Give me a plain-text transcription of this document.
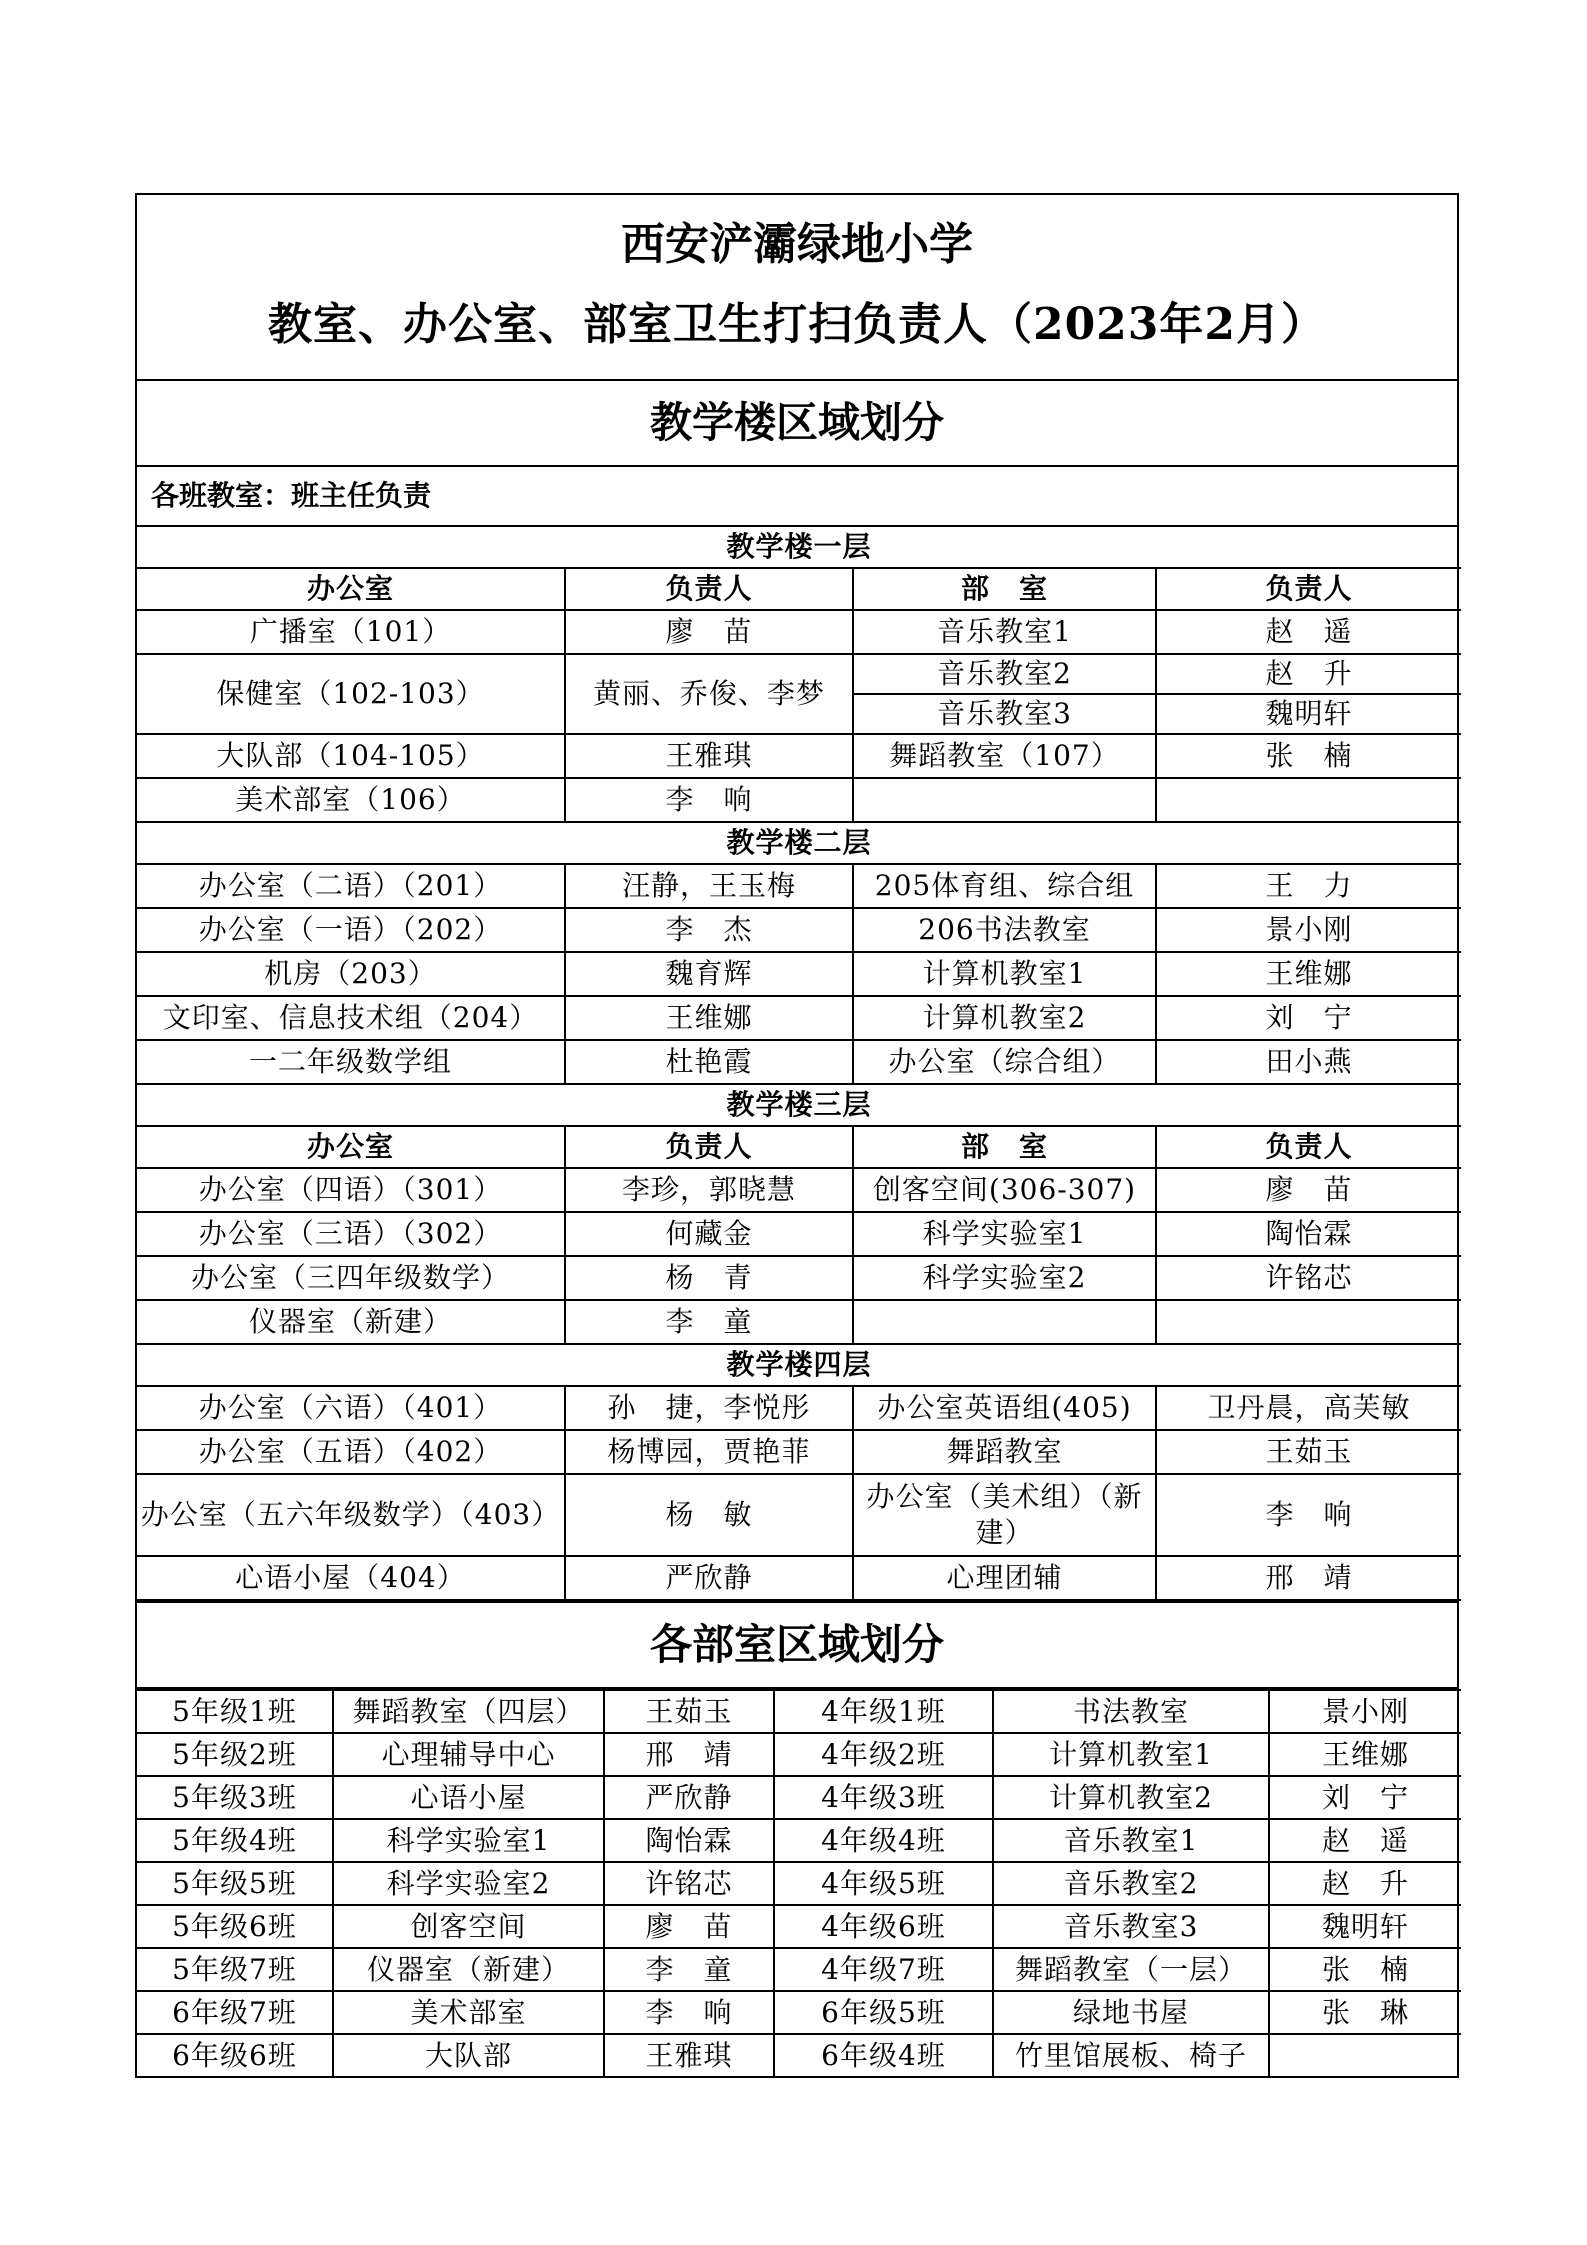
西安浐灞绿地小学
教室、办公室、部室卫生打扫负责人（2023年2月）
教学楼区域划分
各班教室：班主任负责
教学楼一层			
办公室	负责人	部　室	负责人
广播室（101）	廖　苗	音乐教室1	赵　遥
保健室（102-103）	黄丽、乔俊、李梦	音乐教室2	赵　升
		音乐教室3	魏明轩
大队部（104-105）	王雅琪	舞蹈教室（107）	张　楠
美术部室（106）	李　响		
教学楼二层			
办公室（二语）（201）	汪静，王玉梅	205体育组、综合组	王　力
办公室（一语）（202）	李　杰	206书法教室	景小刚
机房（203）	魏育辉	计算机教室1	王维娜
文印室、信息技术组（204）	王维娜	计算机教室2	刘　宁
一二年级数学组	杜艳霞	办公室（综合组）	田小燕
教学楼三层			
办公室	负责人	部　室	负责人
办公室（四语）（301）	李珍，郭晓慧	创客空间(306-307)	廖　苗
办公室（三语）（302）	何藏金	科学实验室1	陶怡霖
办公室（三四年级数学）	杨　青	科学实验室2	许铭芯
仪器室（新建）	李　童		
教学楼四层			
办公室（六语）（401）	孙　捷，李悦彤	办公室英语组(405)	卫丹晨，高芙敏
办公室（五语）（402）	杨博园，贾艳菲	舞蹈教室	王茹玉
办公室（五六年级数学）（403）	杨　敏	办公室（美术组）（新建）	李　响
心语小屋（404）	严欣静	心理团辅	邢　靖
各部室区域划分
5年级1班	舞蹈教室（四层）	王茹玉	4年级1班	书法教室	景小刚
5年级2班	心理辅导中心	邢　靖	4年级2班	计算机教室1	王维娜
5年级3班	心语小屋	严欣静	4年级3班	计算机教室2	刘　宁
5年级4班	科学实验室1	陶怡霖	4年级4班	音乐教室1	赵　遥
5年级5班	科学实验室2	许铭芯	4年级5班	音乐教室2	赵　升
5年级6班	创客空间	廖　苗	4年级6班	音乐教室3	魏明轩
5年级7班	仪器室（新建）	李　童	4年级7班	舞蹈教室（一层）	张　楠
6年级7班	美术部室	李　响	6年级5班	绿地书屋	张　琳
6年级6班	大队部	王雅琪	6年级4班	竹里馆展板、椅子	
